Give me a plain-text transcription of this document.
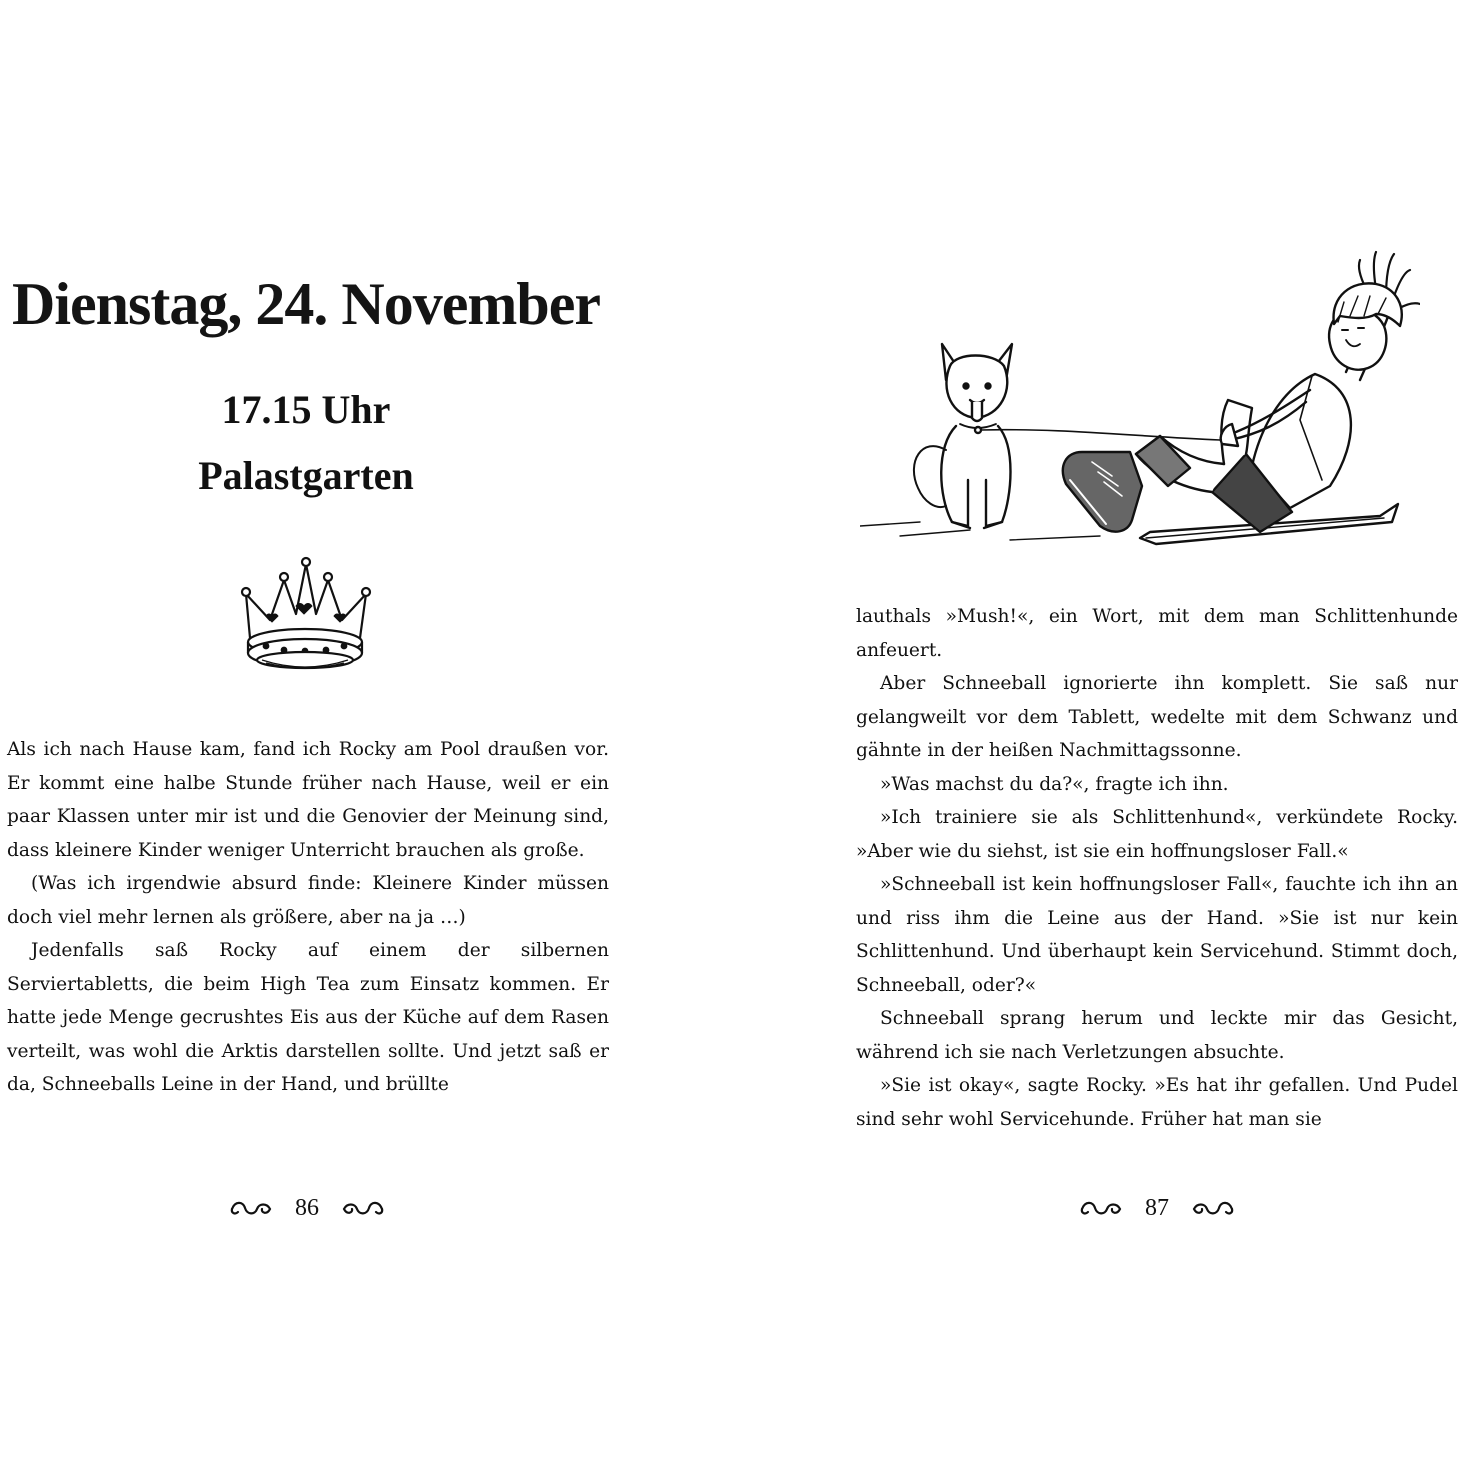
Dienstag, 24. November
17.15 Uhr
Palastgarten

Als ich nach Hause kam, fand ich Rocky am Pool draußen vor. Er kommt eine halbe Stunde früher nach Hause, weil er ein paar Klassen unter mir ist und die Genovier der Meinung sind, dass kleinere Kinder weniger Unterricht brauchen als große.

(Was ich irgendwie absurd finde: Kleinere Kinder müssen doch viel mehr lernen als größere, aber na ja …)

Jedenfalls saß Rocky auf einem der silbernen Serviertabletts, die beim High Tea zum Einsatz kommen. Er hatte jede Menge gecrushtes Eis aus der Küche auf dem Rasen verteilt, was wohl die Arktis darstellen sollte. Und jetzt saß er da, Schneeballs Leine in der Hand, und brüllte

86

lauthals »Mush!«, ein Wort, mit dem man Schlittenhunde anfeuert.

Aber Schneeball ignorierte ihn komplett. Sie saß nur gelangweilt vor dem Tablett, wedelte mit dem Schwanz und gähnte in der heißen Nachmittagssonne.

»Was machst du da?«, fragte ich ihn.

»Ich trainiere sie als Schlittenhund«, verkündete Rocky. »Aber wie du siehst, ist sie ein hoffnungsloser Fall.«

»Schneeball ist kein hoffnungsloser Fall«, fauchte ich ihn an und riss ihm die Leine aus der Hand. »Sie ist nur kein Schlittenhund. Und überhaupt kein Servicehund. Stimmt doch, Schneeball, oder?«

Schneeball sprang herum und leckte mir das Gesicht, während ich sie nach Verletzungen absuchte.

»Sie ist okay«, sagte Rocky. »Es hat ihr gefallen. Und Pudel sind sehr wohl Servicehunde. Früher hat man sie

87
